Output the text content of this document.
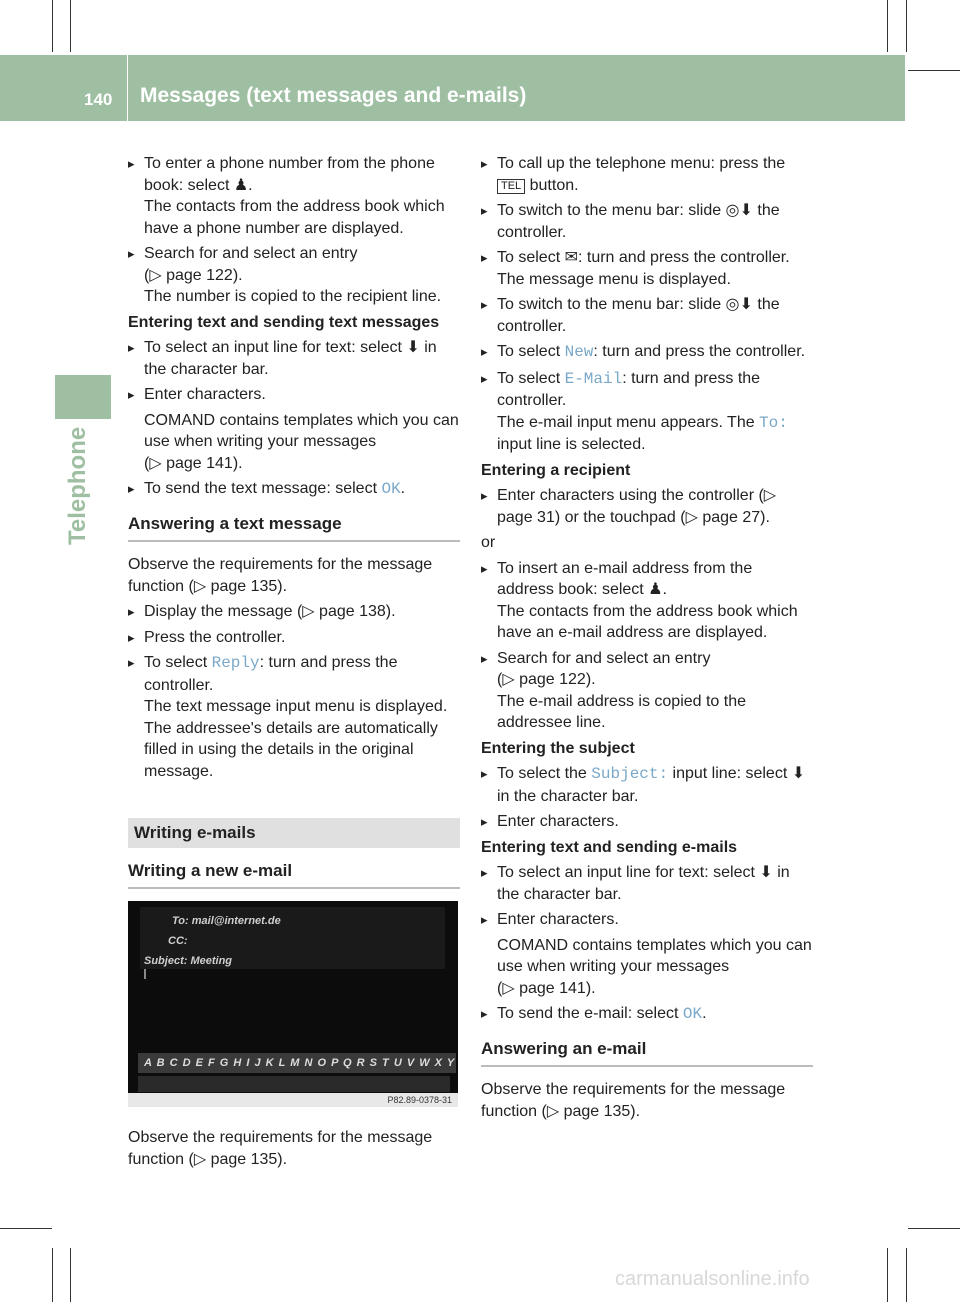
140 Messages (text messages and e-mails)
Telephone
▸ To enter a phone number from the phone book: select ♟.
The contacts from the address book which have a phone number are displayed.
▸ Search for and select an entry
(▷ page 122).
The number is copied to the recipient line.
Entering text and sending text messages
▸ To select an input line for text: select ⬇ in the character bar.
▸ Enter characters.
COMAND contains templates which you can use when writing your messages
(▷ page 141).
▸ To send the text message: select OK.
Answering a text message
Observe the requirements for the message function (▷ page 135).
▸ Display the message (▷ page 138).
▸ Press the controller.
▸ To select Reply: turn and press the controller.
The text message input menu is displayed. The addressee's details are automatically filled in using the details in the original message.
Writing e-mails
Writing a new e-mail
To: mail@internet.de
CC:
Subject: Meeting
A B C D E F G H I J K L M N O P Q R S T U V W X Y
P82.89-0378-31
Observe the requirements for the message function (▷ page 135).
▸ To call up the telephone menu: press the TEL button.
▸ To switch to the menu bar: slide ◎⬇ the controller.
▸ To select ✉: turn and press the controller.
The message menu is displayed.
▸ To switch to the menu bar: slide ◎⬇ the controller.
▸ To select New: turn and press the controller.
▸ To select E-Mail: turn and press the controller.
The e-mail input menu appears. The To: input line is selected.
Entering a recipient
▸ Enter characters using the controller (▷ page 31) or the touchpad (▷ page 27).
or
▸ To insert an e-mail address from the address book: select ♟.
The contacts from the address book which have an e-mail address are displayed.
▸ Search for and select an entry
(▷ page 122).
The e-mail address is copied to the addressee line.
Entering the subject
▸ To select the Subject: input line: select ⬇ in the character bar.
▸ Enter characters.
Entering text and sending e-mails
▸ To select an input line for text: select ⬇ in the character bar.
▸ Enter characters.
COMAND contains templates which you can use when writing your messages
(▷ page 141).
▸ To send the e-mail: select OK.
Answering an e-mail
Observe the requirements for the message function (▷ page 135).
carmanualsonline.info
